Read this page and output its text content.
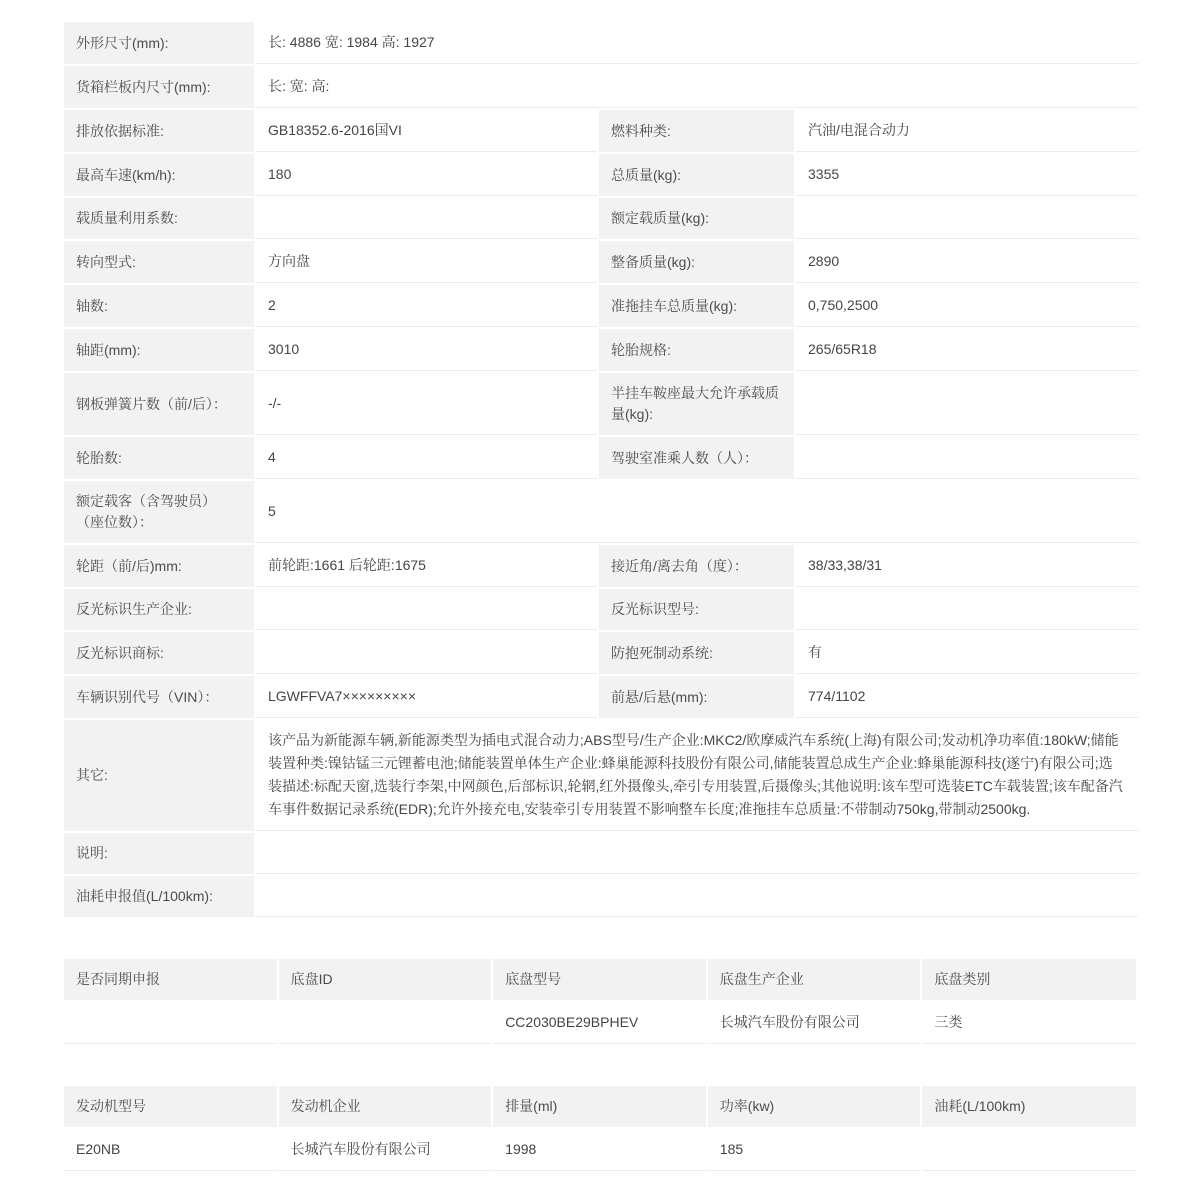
外形尺寸(mm):	长: 4886 宽: 1984 高: 1927		
货箱栏板内尺寸(mm):	长: 宽: 高:		
排放依据标准:	GB18352.6-2016国VI	燃料种类:	汽油/电混合动力
最高车速(km/h):	180	总质量(kg):	3355
载质量利用系数:		额定载质量(kg):	
转向型式:	方向盘	整备质量(kg):	2890
轴数:	2	准拖挂车总质量(kg):	0,750,2500
轴距(mm):	3010	轮胎规格:	265/65R18
钢板弹簧片数（前/后）：	-/-	半挂车鞍座最大允许承载质量(kg):	
轮胎数:	4	驾驶室准乘人数（人）：	
额定载客（含驾驶员） （座位数）：	5		
轮距（前/后)mm:	前轮距:1661 后轮距:1675	接近角/离去角（度）：	38/33,38/31
反光标识生产企业:		反光标识型号:	
反光标识商标:		防抱死制动系统:	有
车辆识别代号（VIN）：	LGWFFVA7×××××××××	前悬/后悬(mm):	774/1102
其它:	该产品为新能源车辆,新能源类型为插电式混合动力;ABS型号/生产企业:MKC2/欧摩威汽车系统(上海)有限公司;发动机净功率值:180kW;储能装置种类:镍钴锰三元锂蓄电池;储能装置单体生产企业:蜂巢能源科技股份有限公司,储能装置总成生产企业:蜂巢能源科技(遂宁)有限公司;选装描述:标配天窗,选装行李架,中网颜色,后部标识,轮辋,红外摄像头,牵引专用装置,后摄像头;其他说明:该车型可选装ETC车载装置;该车配备汽车事件数据记录系统(EDR);允许外接充电,安装牵引专用装置不影响整车长度;准拖挂车总质量:不带制动750kg,带制动2500kg.		
说明:			
油耗申报值(L/100km):			
是否同期申报	底盘ID	底盘型号	底盘生产企业	底盘类别
		CC2030BE29BPHEV	长城汽车股份有限公司	三类
发动机型号	发动机企业	排量(ml)	功率(kw)	油耗(L/100km)
E20NB	长城汽车股份有限公司	1998	185	
